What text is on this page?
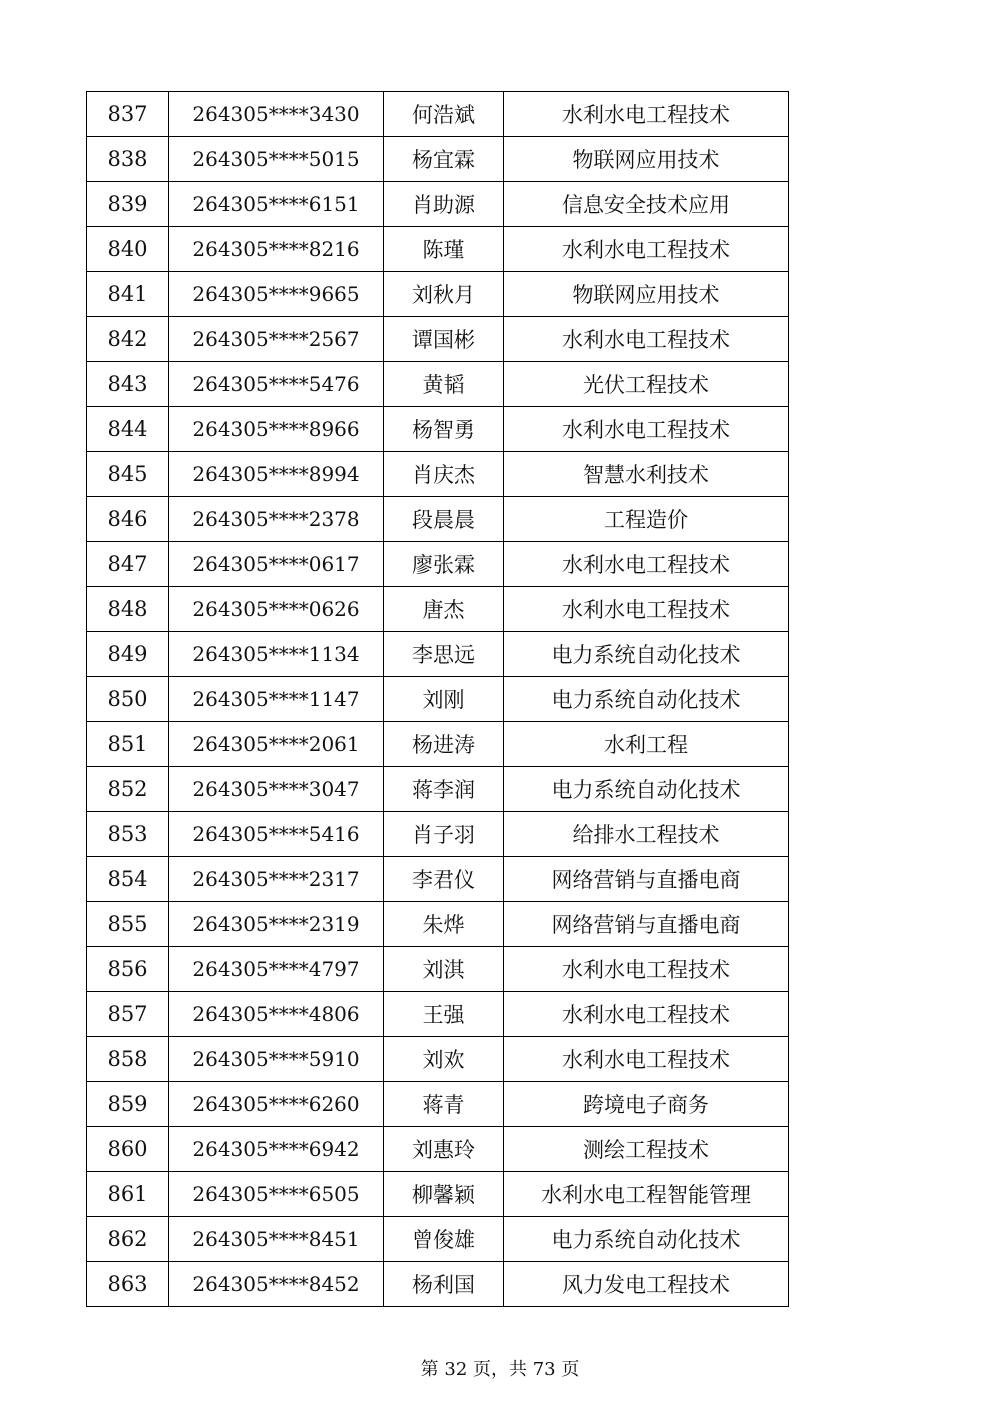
837	264305****3430	何浩斌	水利水电工程技术
838	264305****5015	杨宜霖	物联网应用技术
839	264305****6151	肖助源	信息安全技术应用
840	264305****8216	陈瑾	水利水电工程技术
841	264305****9665	刘秋月	物联网应用技术
842	264305****2567	谭国彬	水利水电工程技术
843	264305****5476	黄韬	光伏工程技术
844	264305****8966	杨智勇	水利水电工程技术
845	264305****8994	肖庆杰	智慧水利技术
846	264305****2378	段晨晨	工程造价
847	264305****0617	廖张霖	水利水电工程技术
848	264305****0626	唐杰	水利水电工程技术
849	264305****1134	李思远	电力系统自动化技术
850	264305****1147	刘刚	电力系统自动化技术
851	264305****2061	杨进涛	水利工程
852	264305****3047	蒋李润	电力系统自动化技术
853	264305****5416	肖子羽	给排水工程技术
854	264305****2317	李君仪	网络营销与直播电商
855	264305****2319	朱烨	网络营销与直播电商
856	264305****4797	刘淇	水利水电工程技术
857	264305****4806	王强	水利水电工程技术
858	264305****5910	刘欢	水利水电工程技术
859	264305****6260	蒋青	跨境电子商务
860	264305****6942	刘惠玲	测绘工程技术
861	264305****6505	柳馨颖	水利水电工程智能管理
862	264305****8451	曾俊雄	电力系统自动化技术
863	264305****8452	杨利国	风力发电工程技术
第 32 页，共 73 页
